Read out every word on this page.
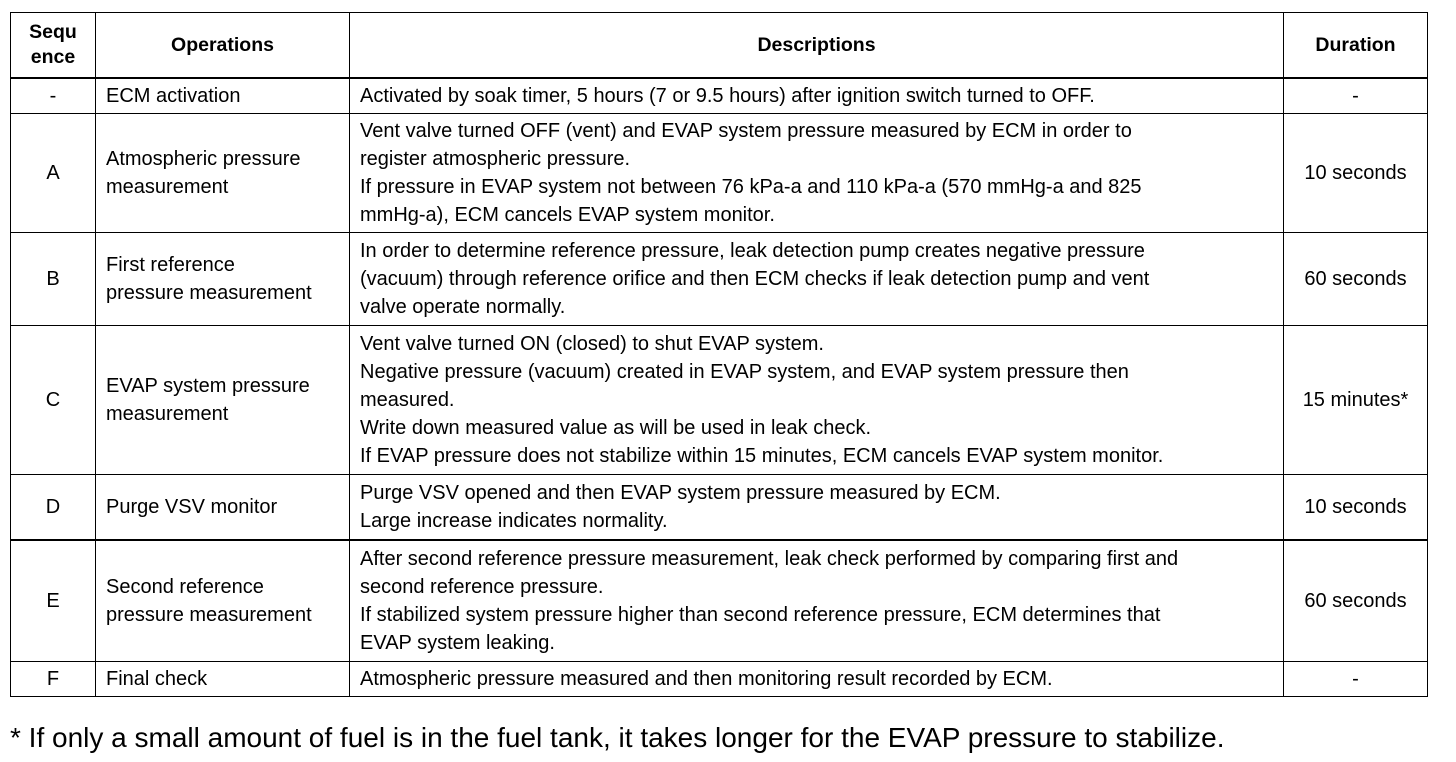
Sequ
ence	Operations	Descriptions	Duration
-	ECM activation	Activated by soak timer, 5 hours (7 or 9.5 hours) after ignition switch turned to OFF.	-
A	Atmospheric pressure
measurement	Vent valve turned OFF (vent) and EVAP system pressure measured by ECM in order to
register atmospheric pressure.
If pressure in EVAP system not between 76 kPa-a and 110 kPa-a (570 mmHg-a and 825
mmHg-a), ECM cancels EVAP system monitor.	10 seconds
B	First reference
pressure measurement	In order to determine reference pressure, leak detection pump creates negative pressure
(vacuum) through reference orifice and then ECM checks if leak detection pump and vent
valve operate normally.	60 seconds
C	EVAP system pressure
measurement	Vent valve turned ON (closed) to shut EVAP system.
Negative pressure (vacuum) created in EVAP system, and EVAP system pressure then
measured.
Write down measured value as will be used in leak check.
If EVAP pressure does not stabilize within 15 minutes, ECM cancels EVAP system monitor.	15 minutes*
D	Purge VSV monitor	Purge VSV opened and then EVAP system pressure measured by ECM.
Large increase indicates normality.	10 seconds
E	Second reference
pressure measurement	After second reference pressure measurement, leak check performed by comparing first and
second reference pressure.
If stabilized system pressure higher than second reference pressure, ECM determines that
EVAP system leaking.	60 seconds
F	Final check	Atmospheric pressure measured and then monitoring result recorded by ECM.	-
* If only a small amount of fuel is in the fuel tank, it takes longer for the EVAP pressure to stabilize.
